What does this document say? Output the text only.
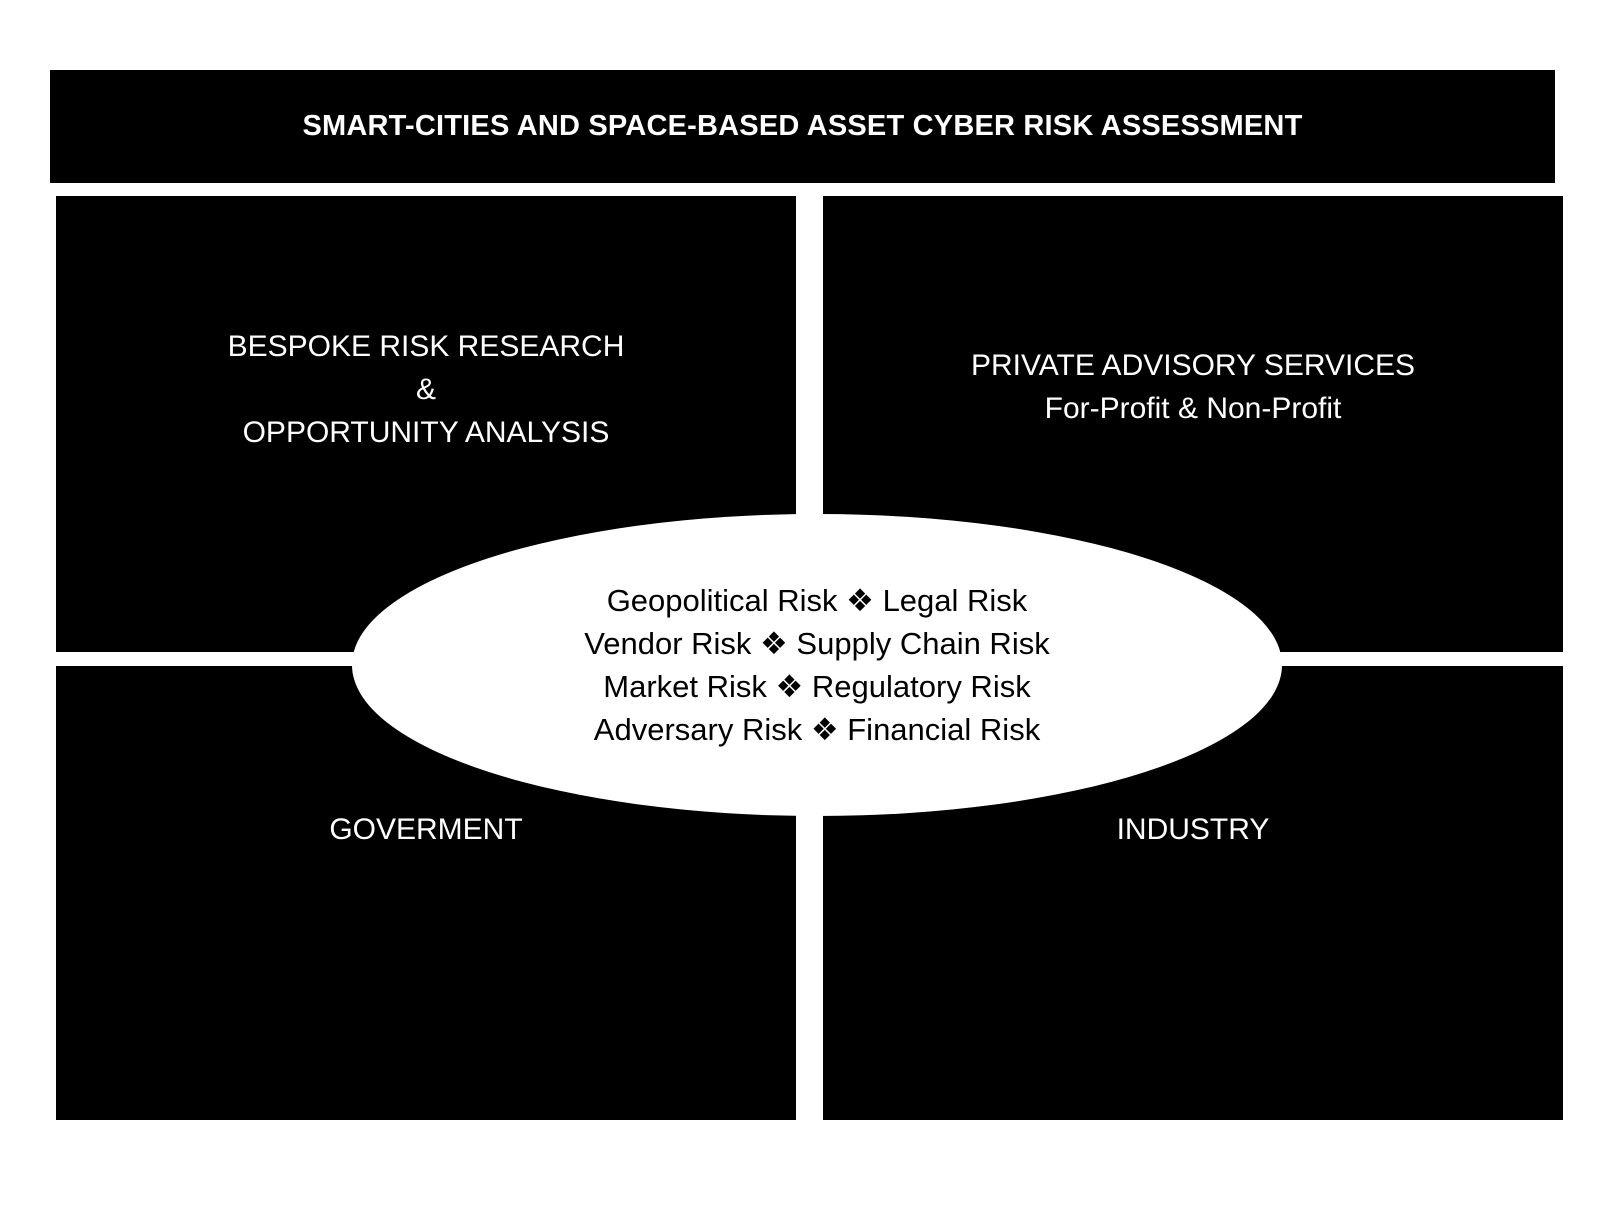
SMART-CITIES AND SPACE-BASED ASSET CYBER RISK ASSESSMENT
BESPOKE RISK RESEARCH
&
OPPORTUNITY ANALYSIS
PRIVATE ADVISORY SERVICES
For-Profit & Non-Profit
GOVERMENT	INDUSTRY
Geopolitical Risk ❖ Legal Risk
Vendor Risk ❖ Supply Chain Risk
Market Risk ❖ Regulatory Risk
Adversary Risk ❖ Financial Risk
